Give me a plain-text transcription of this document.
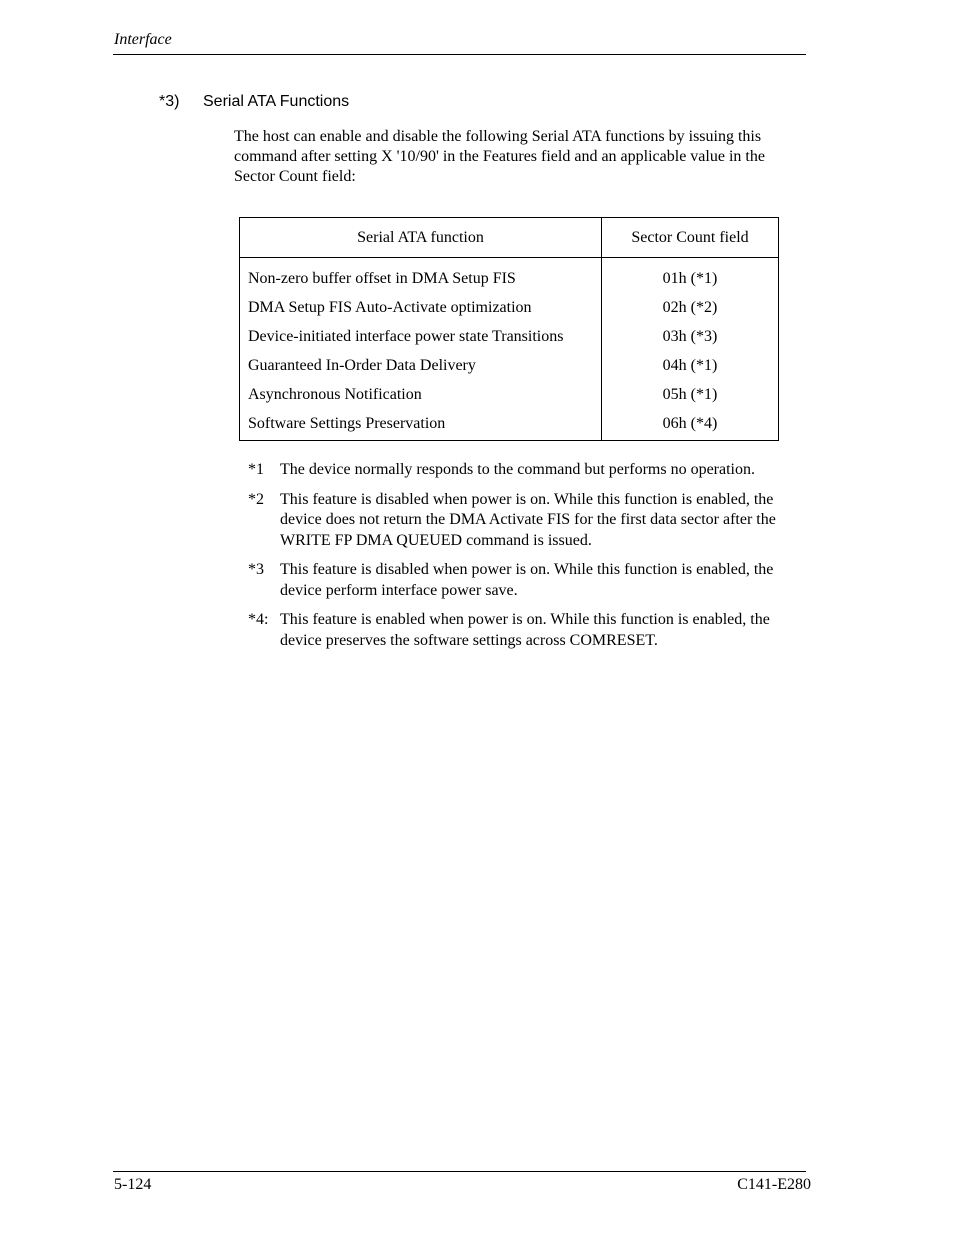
Interface
*3) Serial ATA Functions
The host can enable and disable the following Serial ATA functions by issuing this command after setting X '10/90' in the Features field and an applicable value in the Sector Count field:
Serial ATA function	Sector Count field
Non-zero buffer offset in DMA Setup FIS	01h (*1)
DMA Setup FIS Auto-Activate optimization	02h (*2)
Device-initiated interface power state Transitions	03h (*3)
Guaranteed In-Order Data Delivery	04h (*1)
Asynchronous Notification	05h (*1)
Software Settings Preservation	06h (*4)
*1	The device normally responds to the command but performs no operation.
*2	This feature is disabled when power is on. While this function is enabled, the device does not return the DMA Activate FIS for the first data sector after the WRITE FP DMA QUEUED command is issued.
*3	This feature is disabled when power is on. While this function is enabled, the device perform interface power save.
*4: This feature is enabled when power is on. While this function is enabled, the device preserves the software settings across COMRESET.
5-124	C141-E280
